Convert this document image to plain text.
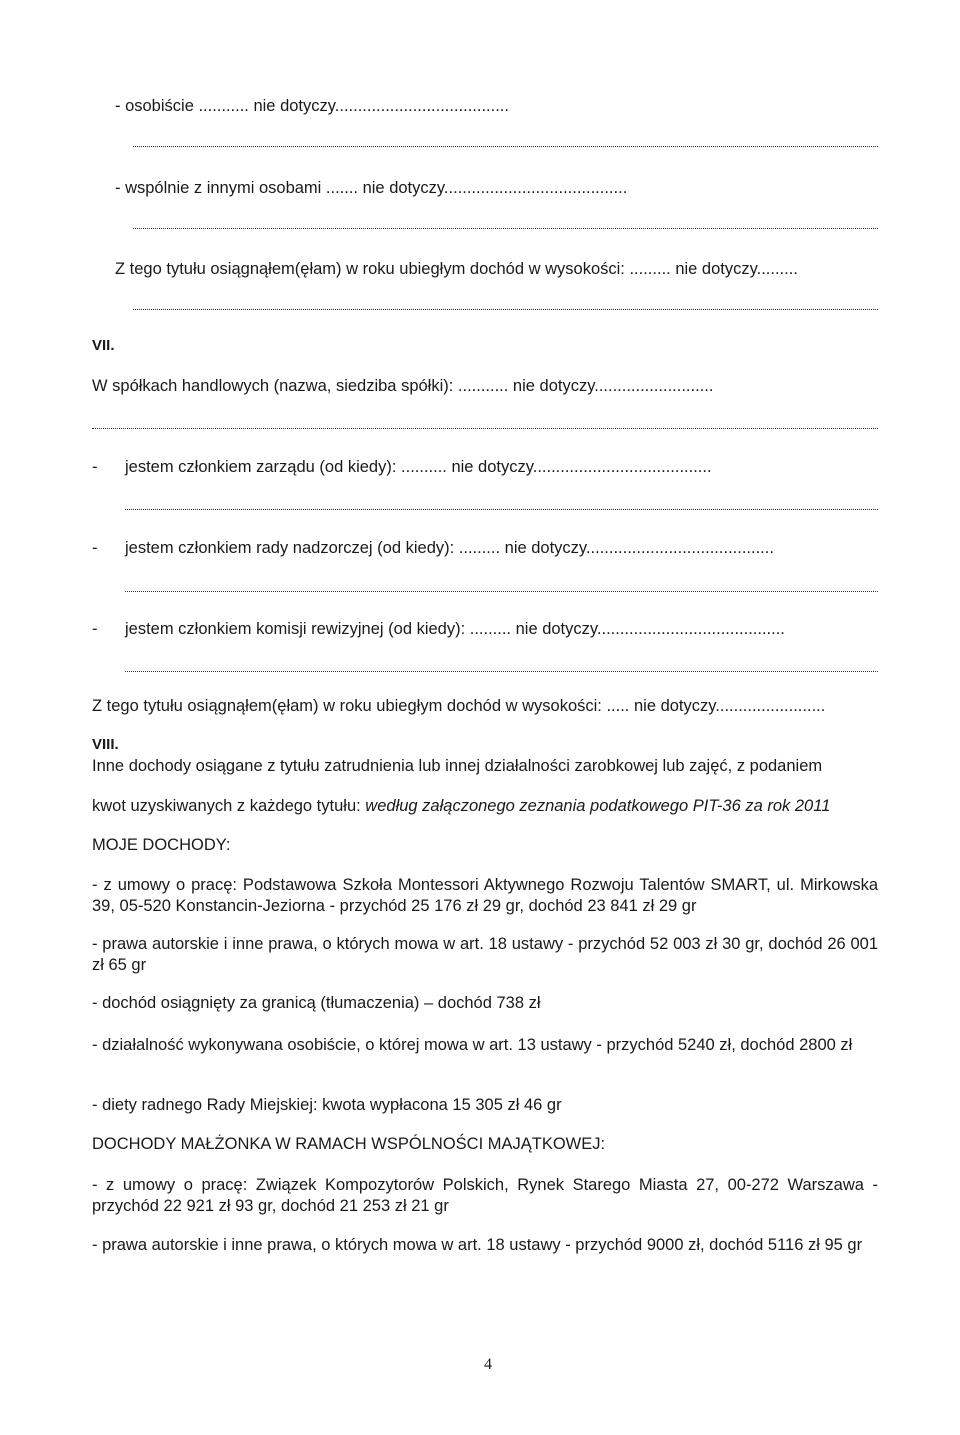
- osobiście ........... nie dotyczy......................................
- wspólnie z innymi osobami ....... nie dotyczy........................................
Z tego tytułu osiągnąłem(ęłam) w roku ubiegłym dochód w wysokości: ......... nie dotyczy.........
VII.
W spółkach handlowych (nazwa, siedziba spółki): ........... nie dotyczy..........................
- jestem członkiem zarządu (od kiedy): .......... nie dotyczy.......................................
- jestem członkiem rady nadzorczej (od kiedy): ......... nie dotyczy.........................................
- jestem członkiem komisji rewizyjnej (od kiedy): ......... nie dotyczy.........................................
Z tego tytułu osiągnąłem(ęłam) w roku ubiegłym dochód w wysokości: ..... nie dotyczy........................
VIII.
Inne dochody osiągane z tytułu zatrudnienia lub innej działalności zarobkowej lub zajęć, z podaniem
kwot uzyskiwanych z każdego tytułu: według załączonego zeznania podatkowego PIT-36 za rok 2011
MOJE DOCHODY:
- z umowy o pracę: Podstawowa Szkoła Montessori Aktywnego Rozwoju Talentów SMART, ul. Mirkowska 39, 05-520 Konstancin-Jeziorna - przychód 25 176 zł 29 gr, dochód 23 841 zł 29 gr
- prawa autorskie i inne prawa, o których mowa w art. 18 ustawy - przychód 52 003 zł 30 gr, dochód 26 001 zł 65 gr
- dochód osiągnięty za granicą (tłumaczenia) – dochód 738 zł
- działalność wykonywana osobiście, o której mowa w art. 13 ustawy - przychód 5240 zł, dochód 2800 zł
- diety radnego Rady Miejskiej: kwota wypłacona 15 305 zł 46 gr
DOCHODY MAŁŻONKA W RAMACH WSPÓLNOŚCI MAJĄTKOWEJ:
- z umowy o pracę: Związek Kompozytorów Polskich, Rynek Starego Miasta 27, 00-272 Warszawa - przychód 22 921 zł 93 gr, dochód 21 253 zł 21 gr
- prawa autorskie i inne prawa, o których mowa w art. 18 ustawy - przychód 9000 zł, dochód 5116 zł 95 gr
4
